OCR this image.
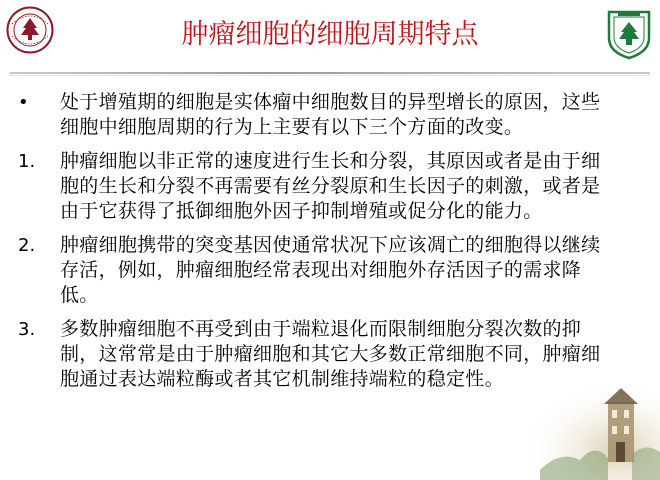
肿瘤细胞的细胞周期特点
•	处于增殖期的细胞是实体瘤中细胞数目的异型增长的原因，这些细胞中细胞周期的行为上主要有以下三个方面的改变。
1.	肿瘤细胞以非正常的速度进行生长和分裂，其原因或者是由于细胞的生长和分裂不再需要有丝分裂原和生长因子的刺激，或者是由于它获得了抵御细胞外因子抑制增殖或促分化的能力。
2.	肿瘤细胞携带的突变基因使通常状况下应该凋亡的细胞得以继续存活，例如，肿瘤细胞经常表现出对细胞外存活因子的需求降低。
3.	多数肿瘤细胞不再受到由于端粒退化而限制细胞分裂次数的抑制，这常常是由于肿瘤细胞和其它大多数正常细胞不同，肿瘤细胞通过表达端粒酶或者其它机制维持端粒的稳定性。
